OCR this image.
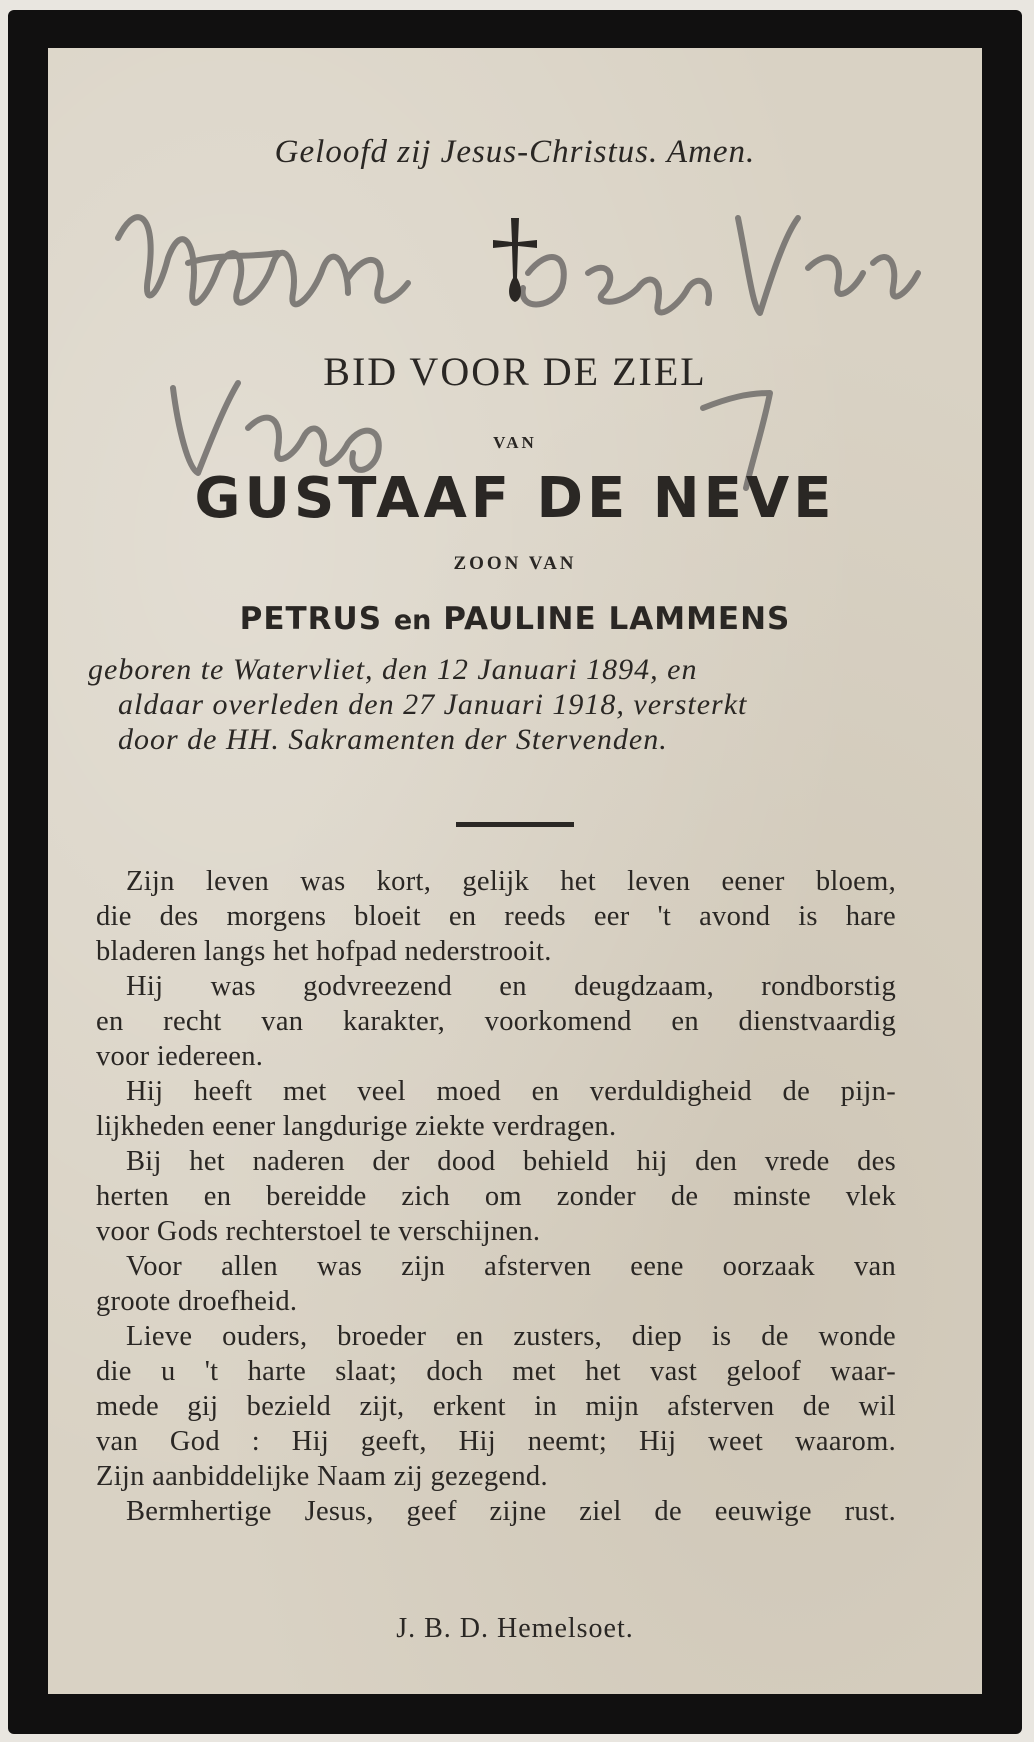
Geloofd zij Jesus-Christus. Amen.
BID VOOR DE ZIEL
VAN
GUSTAAF DE NEVE
ZOON VAN
PETRUS en PAULINE LAMMENS
geboren te Watervliet, den 12 Januari 1894, en
aldaar overleden den 27 Januari 1918, versterkt
door de HH. Sakramenten der Stervenden.
Zijn leven was kort, gelijk het leven eener bloem,
die des morgens bloeit en reeds eer 't avond is hare
bladeren langs het hofpad nederstrooit.
Hij was godvreezend en deugdzaam, rondborstig
en recht van karakter, voorkomend en dienstvaardig
voor iedereen.
Hij heeft met veel moed en verduldigheid de pijn-
lijkheden eener langdurige ziekte verdragen.
Bij het naderen der dood behield hij den vrede des
herten en bereidde zich om zonder de minste vlek
voor Gods rechterstoel te verschijnen.
Voor allen was zijn afsterven eene oorzaak van
groote droefheid.
Lieve ouders, broeder en zusters, diep is de wonde
die u 't harte slaat; doch met het vast geloof waar-
mede gij bezield zijt, erkent in mijn afsterven de wil
van God : Hij geeft, Hij neemt; Hij weet waarom.
Zijn aanbiddelijke Naam zij gezegend.
Bermhertige Jesus, geef zijne ziel de eeuwige rust.
J. B. D. Hemelsoet.
